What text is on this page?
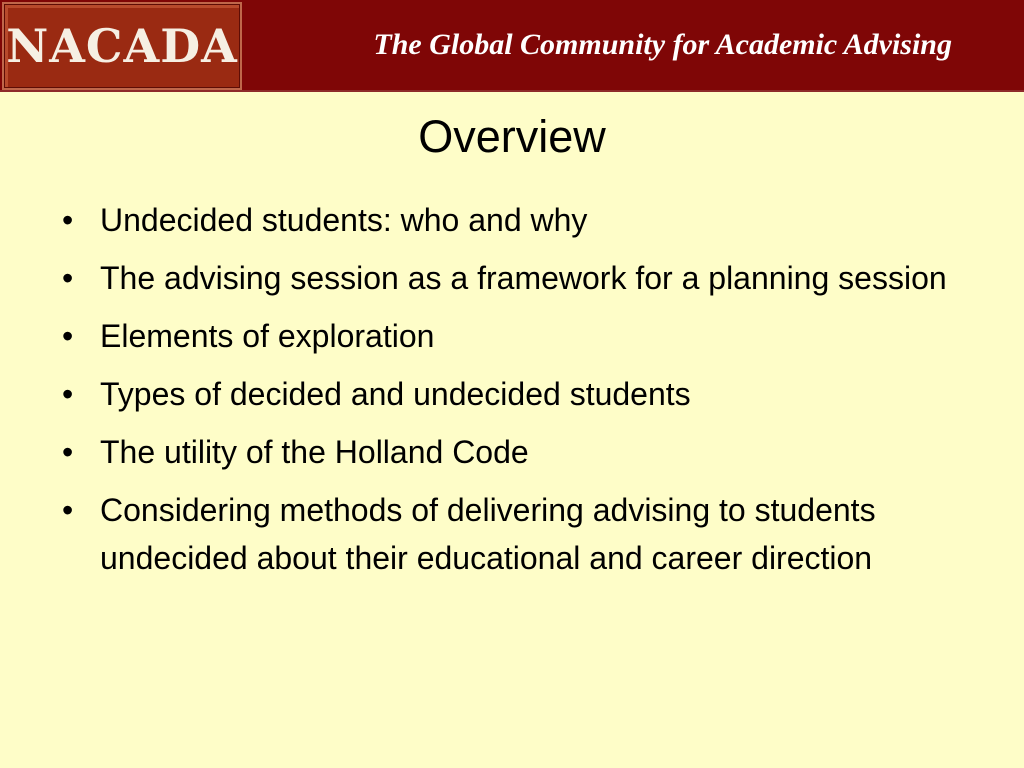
NACADA	The Global Community for Academic Advising
Overview
• Undecided students: who and why
• The advising session as a framework for a planning session
• Elements of exploration
• Types of decided and undecided students
• The utility of the Holland Code
• Considering methods of delivering advising to students undecided about their educational and career direction
